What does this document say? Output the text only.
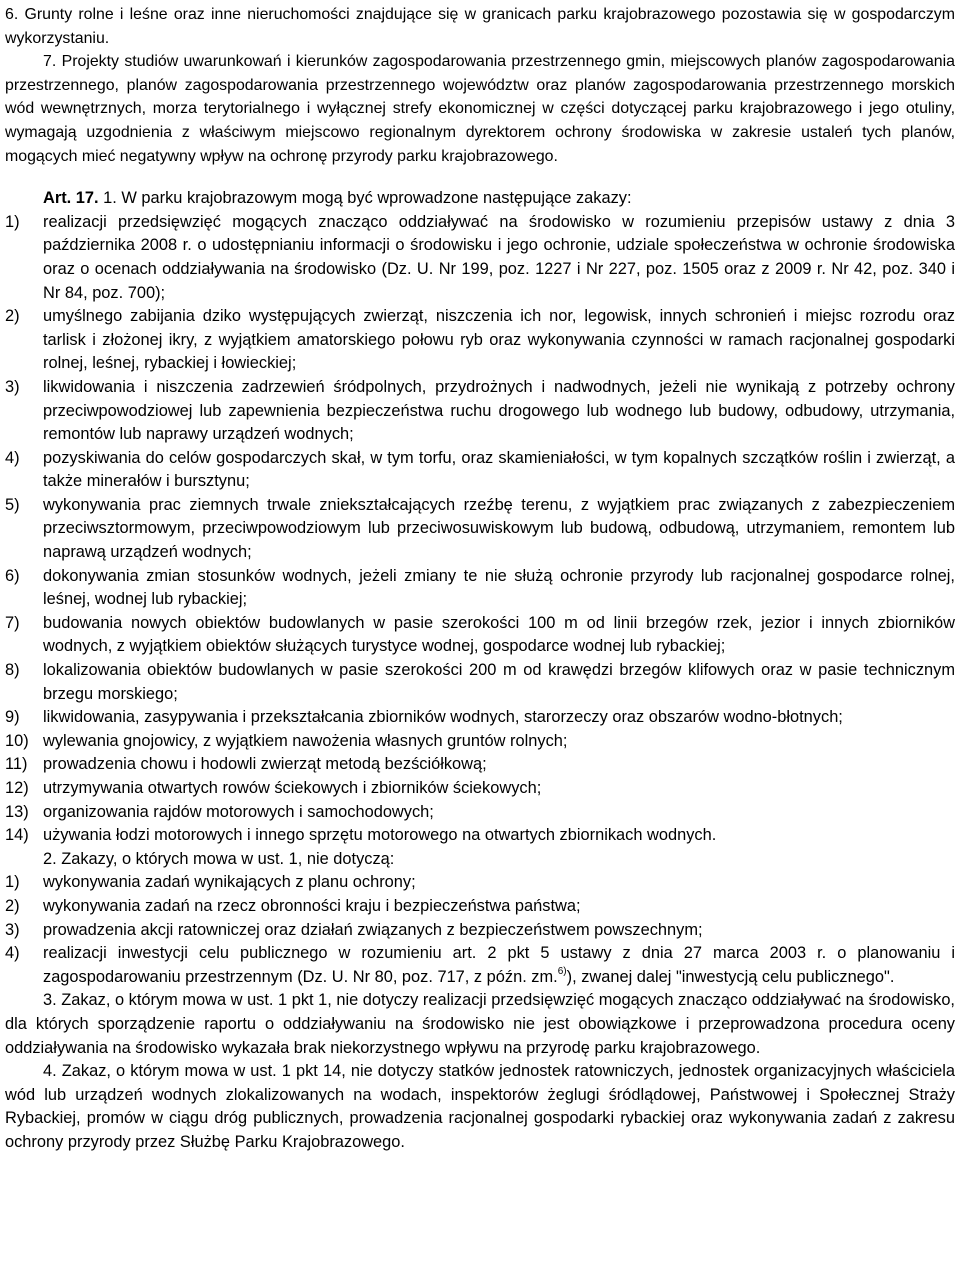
6. Grunty rolne i leśne oraz inne nieruchomości znajdujące się w granicach parku krajobrazowego pozostawia się w gospodarczym wykorzystaniu.

7. Projekty studiów uwarunkowań i kierunków zagospodarowania przestrzennego gmin, miejscowych planów zagospodarowania przestrzennego, planów zagospodarowania przestrzennego województw oraz planów zagospodarowania przestrzennego morskich wód wewnętrznych, morza terytorialnego i wyłącznej strefy ekonomicznej w części dotyczącej parku krajobrazowego i jego otuliny, wymagają uzgodnienia z właściwym miejscowo regionalnym dyrektorem ochrony środowiska w zakresie ustaleń tych planów, mogących mieć negatywny wpływ na ochronę przyrody parku krajobrazowego.

Art. 17. 1. W parku krajobrazowym mogą być wprowadzone następujące zakazy:

1)	realizacji przedsięwzięć mogących znacząco oddziaływać na środowisko w rozumieniu przepisów ustawy z dnia 3 października 2008 r. o udostępnianiu informacji o środowisku i jego ochronie, udziale społeczeństwa w ochronie środowiska oraz o ocenach oddziaływania na środowisko (Dz. U. Nr 199, poz. 1227 i Nr 227, poz. 1505 oraz z 2009 r. Nr 42, poz. 340 i Nr 84, poz. 700);
2)	umyślnego zabijania dziko występujących zwierząt, niszczenia ich nor, legowisk, innych schronień i miejsc rozrodu oraz tarlisk i złożonej ikry, z wyjątkiem amatorskiego połowu ryb oraz wykonywania czynności w ramach racjonalnej gospodarki rolnej, leśnej, rybackiej i łowieckiej;
3)	likwidowania i niszczenia zadrzewień śródpolnych, przydrożnych i nadwodnych, jeżeli nie wynikają z potrzeby ochrony przeciwpowodziowej lub zapewnienia bezpieczeństwa ruchu drogowego lub wodnego lub budowy, odbudowy, utrzymania, remontów lub naprawy urządzeń wodnych;
4)	pozyskiwania do celów gospodarczych skał, w tym torfu, oraz skamieniałości, w tym kopalnych szczątków roślin i zwierząt, a także minerałów i bursztynu;
5)	wykonywania prac ziemnych trwale zniekształcających rzeźbę terenu, z wyjątkiem prac związanych z zabezpieczeniem przeciwsztormowym, przeciwpowodziowym lub przeciwosuwiskowym lub budową, odbudową, utrzymaniem, remontem lub naprawą urządzeń wodnych;
6)	dokonywania zmian stosunków wodnych, jeżeli zmiany te nie służą ochronie przyrody lub racjonalnej gospodarce rolnej, leśnej, wodnej lub rybackiej;
7)	budowania nowych obiektów budowlanych w pasie szerokości 100 m od linii brzegów rzek, jezior i innych zbiorników wodnych, z wyjątkiem obiektów służących turystyce wodnej, gospodarce wodnej lub rybackiej;
8)	lokalizowania obiektów budowlanych w pasie szerokości 200 m od krawędzi brzegów klifowych oraz w pasie technicznym brzegu morskiego;
9)	likwidowania, zasypywania i przekształcania zbiorników wodnych, starorzeczy oraz obszarów wodno-błotnych;
10) wylewania gnojowicy, z wyjątkiem nawożenia własnych gruntów rolnych;
11) prowadzenia chowu i hodowli zwierząt metodą bezściółkową;
12) utrzymywania otwartych rowów ściekowych i zbiorników ściekowych;
13) organizowania rajdów motorowych i samochodowych;
14) używania łodzi motorowych i innego sprzętu motorowego na otwartych zbiornikach wodnych.

2. Zakazy, o których mowa w ust. 1, nie dotyczą:

1)	wykonywania zadań wynikających z planu ochrony;
2)	wykonywania zadań na rzecz obronności kraju i bezpieczeństwa państwa;
3)	prowadzenia akcji ratowniczej oraz działań związanych z bezpieczeństwem powszechnym;
4)	realizacji inwestycji celu publicznego w rozumieniu art. 2 pkt 5 ustawy z dnia 27 marca 2003 r. o planowaniu i zagospodarowaniu przestrzennym (Dz. U. Nr 80, poz. 717, z późn. zm.$^{6)}$), zwanej dalej "inwestycją celu publicznego".

3. Zakaz, o którym mowa w ust. 1 pkt 1, nie dotyczy realizacji przedsięwzięć mogących znacząco oddziaływać na środowisko, dla których sporządzenie raportu o oddziaływaniu na środowisko nie jest obowiązkowe i przeprowadzona procedura oceny oddziaływania na środowisko wykazała brak niekorzystnego wpływu na przyrodę parku krajobrazowego.

4. Zakaz, o którym mowa w ust. 1 pkt 14, nie dotyczy statków jednostek ratowniczych, jednostek organizacyjnych właściciela wód lub urządzeń wodnych zlokalizowanych na wodach, inspektorów żeglugi śródlądowej, Państwowej i Społecznej Straży Rybackiej, promów w ciągu dróg publicznych, prowadzenia racjonalnej gospodarki rybackiej oraz wykonywania zadań z zakresu ochrony przyrody przez Służbę Parku Krajobrazowego.
